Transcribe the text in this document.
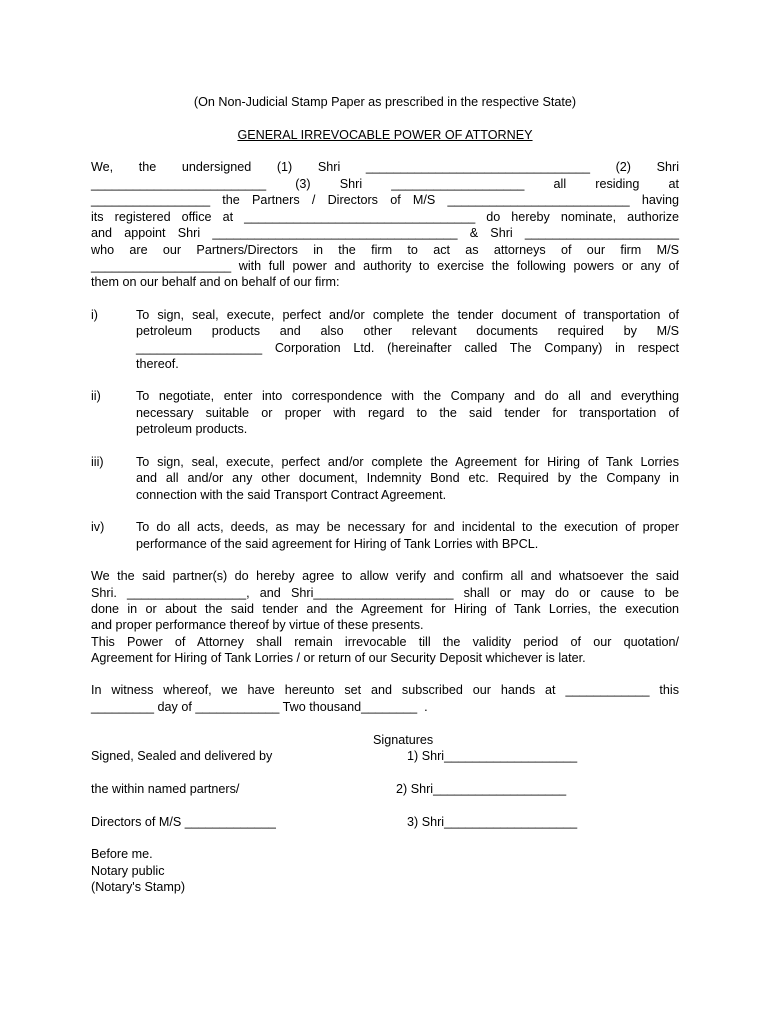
(On Non-Judicial Stamp Paper as prescribed in the respective State)
GENERAL IRREVOCABLE POWER OF ATTORNEY
We, the undersigned (1) Shri ________________________________ (2) Shri
_________________________ (3) Shri ___________________ all residing at
_________________ the Partners / Directors of M/S __________________________ having
its registered office at _________________________________ do hereby nominate, authorize
and appoint Shri ___________________________________ & Shri ______________________
who are our Partners/Directors in the firm to act as attorneys of our firm M/S
____________________ with full power and authority to exercise the following powers or any of
them on our behalf and on behalf of our firm:
i)	To sign, seal, execute, perfect and/or complete the tender document of transportation of
petroleum products and also other relevant documents required by M/S
__________________ Corporation Ltd. (hereinafter called The Company) in respect
thereof.
ii)	To negotiate, enter into correspondence with the Company and do all and everything
necessary suitable or proper with regard to the said tender for transportation of
petroleum products.
iii)	To sign, seal, execute, perfect and/or complete the Agreement for Hiring of Tank Lorries
and all and/or any other document, Indemnity Bond etc. Required by the Company in
connection with the said Transport Contract Agreement.
iv)	To do all acts, deeds, as may be necessary for and incidental to the execution of proper
performance of the said agreement for Hiring of Tank Lorries with BPCL.
We the said partner(s) do hereby agree to allow verify and confirm all and whatsoever the said
Shri. _________________, and Shri____________________ shall or may do or cause to be
done in or about the said tender and the Agreement for Hiring of Tank Lorries, the execution
and proper performance thereof by virtue of these presents.
This Power of Attorney shall remain irrevocable till the validity period of our quotation/
Agreement for Hiring of Tank Lorries / or return of our Security Deposit whichever is later.
In witness whereof, we have hereunto set and subscribed our hands at ____________ this
_________ day of ____________ Two thousand________  .
Signatures
Signed, Sealed and delivered by	1) Shri___________________
the within named partners/	2) Shri___________________
Directors of M/S _____________	3) Shri___________________
Before me.
Notary public
(Notary's Stamp)
